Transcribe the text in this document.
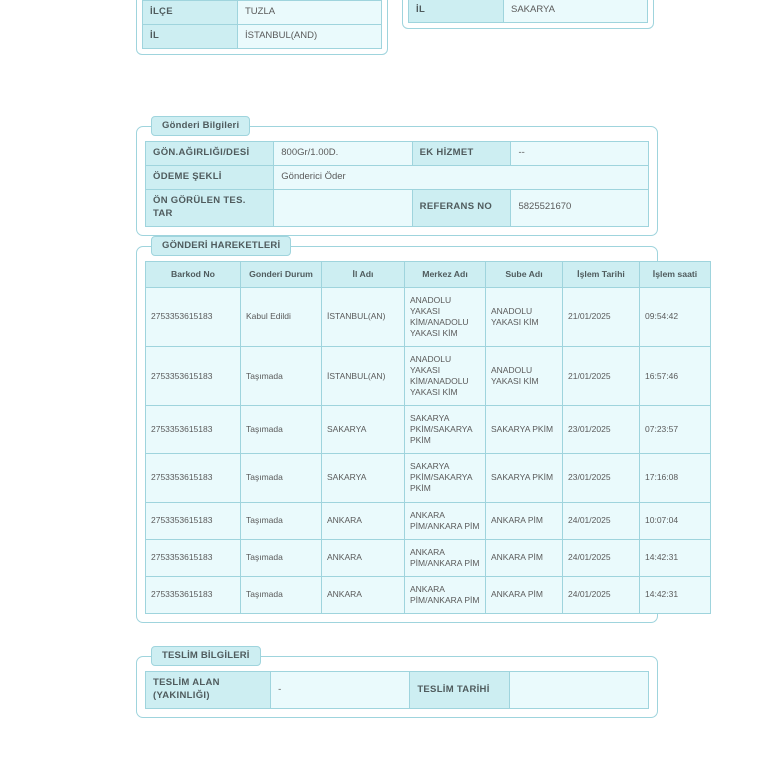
İLÇE	TUZLA
İL	İSTANBUL(AND)

İL	SAKARYA
Gönderi Bilgileri
GÖN.AĞIRLIĞI/DESİ	800Gr/1.00D.	EK HİZMET	--
ÖDEME ŞEKLİ	Gönderici Öder		
ÖN GÖRÜLEN TES. TAR		REFERANS NO	5825521670
GÖNDERİ HAREKETLERİ
Barkod No	Gonderi Durum	İl Adı	Merkez Adı	Sube Adı	İşlem Tarihi	İşlem saati
2753353615183	Kabul Edildi	İSTANBUL(AN)	ANADOLU YAKASI KİM/ANADOLU YAKASI KİM	ANADOLU YAKASI KİM	21/01/2025	09:54:42
2753353615183	Taşımada	İSTANBUL(AN)	ANADOLU YAKASI KİM/ANADOLU YAKASI KİM	ANADOLU YAKASI KİM	21/01/2025	16:57:46
2753353615183	Taşımada	SAKARYA	SAKARYA PKİM/SAKARYA PKİM	SAKARYA PKİM	23/01/2025	07:23:57
2753353615183	Taşımada	SAKARYA	SAKARYA PKİM/SAKARYA PKİM	SAKARYA PKİM	23/01/2025	17:16:08
2753353615183	Taşımada	ANKARA	ANKARA PİM/ANKARA PİM	ANKARA PİM	24/01/2025	10:07:04
2753353615183	Taşımada	ANKARA	ANKARA PİM/ANKARA PİM	ANKARA PİM	24/01/2025	14:42:31
2753353615183	Taşımada	ANKARA	ANKARA PİM/ANKARA PİM	ANKARA PİM	24/01/2025	14:42:31
TESLİM BİLGİLERİ
TESLİM ALAN (YAKINLIĞI)	-	TESLİM TARİHİ	
